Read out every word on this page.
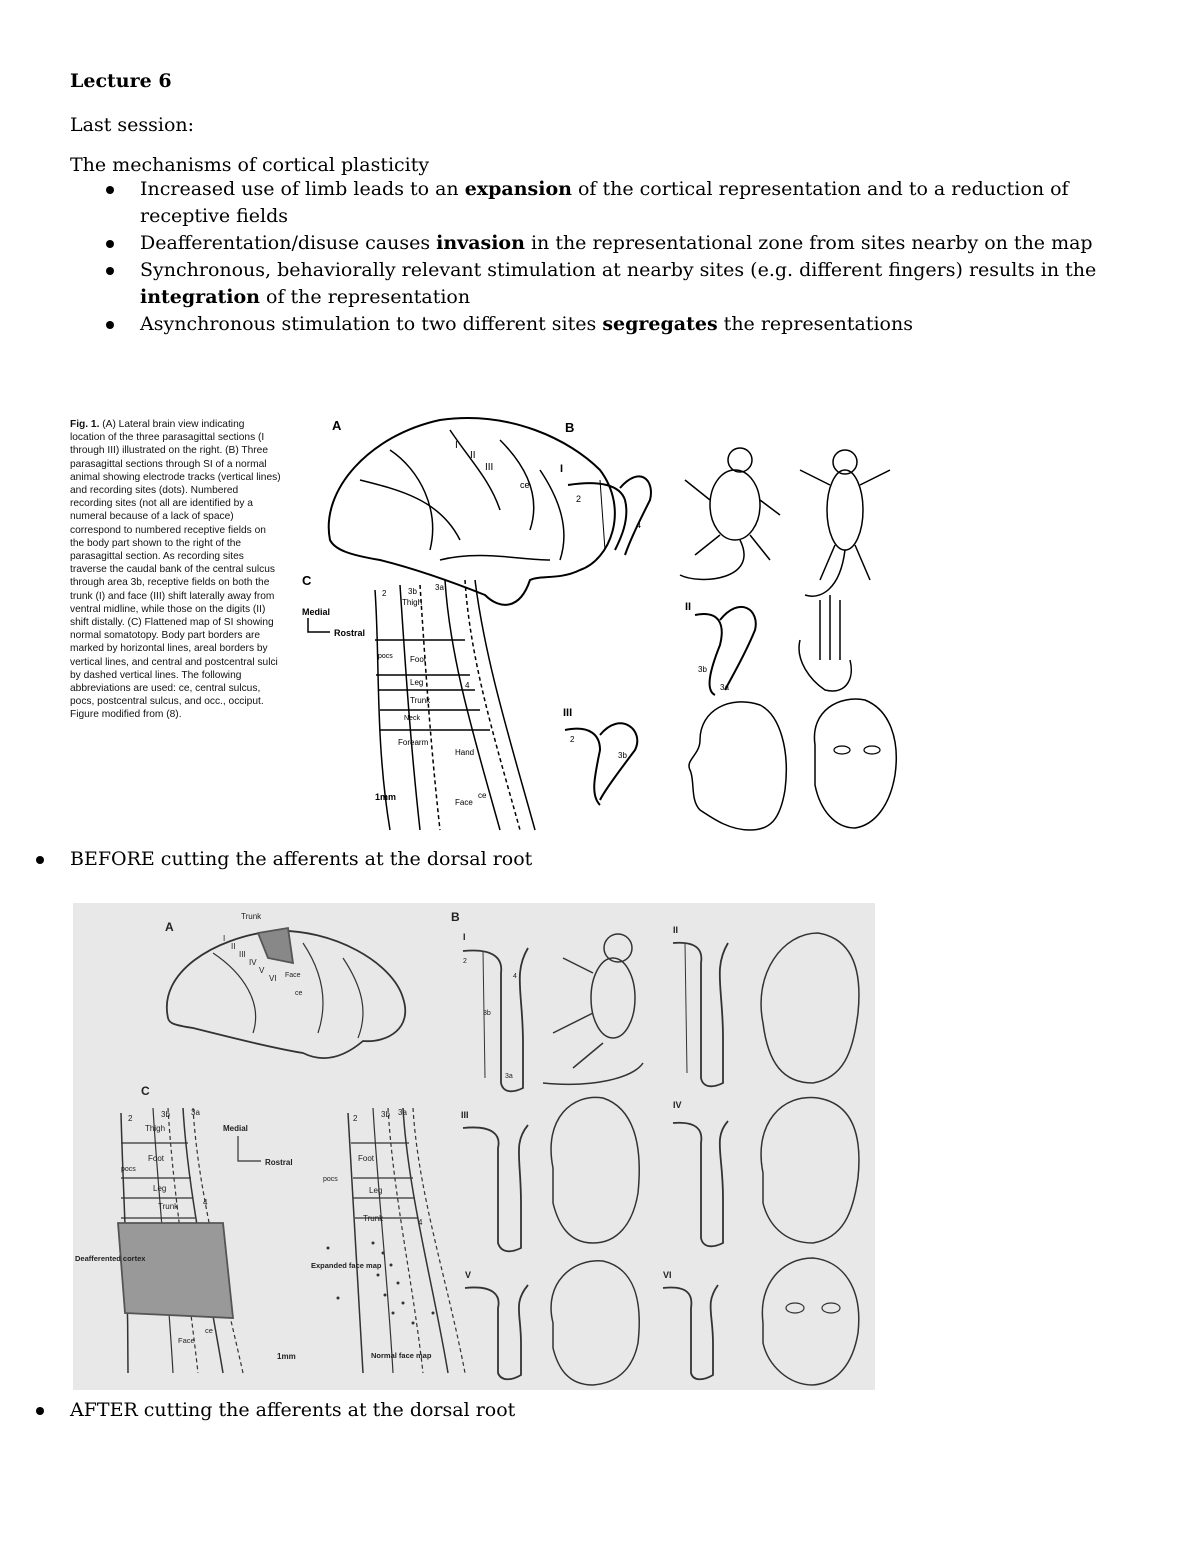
Lecture 6

Last session:

The mechanisms of cortical plasticity

Increased use of limb leads to an expansion of the cortical representation and to a reduction of receptive fields
Deafferentation/disuse causes invasion in the representational zone from sites nearby on the map
Synchronous, behaviorally relevant stimulation at nearby sites (e.g. different fingers) results in the integration of the representation
Asynchronous stimulation to two different sites segregates the representations
Fig. 1. (A) Lateral brain view indicating location of the three parasagittal sections (I through III) illustrated on the right. (B) Three parasagittal sections through SI of a normal animal showing electrode tracks (vertical lines) and recording sites (dots). Numbered recording sites (not all are identified by a numeral because of a lack of space) correspond to numbered receptive fields on the body part shown to the right of the parasagittal section. As recording sites traverse the caudal bank of the central sulcus through area 3b, receptive fields on both the trunk (I) and face (III) shift laterally away from ventral midline, while those on the digits (II) shift distally. (C) Flattened map of SI showing normal somatotopy. Body part borders are marked by horizontal lines, areal borders by vertical lines, and central and postcentral sulci by dashed vertical lines. The following abbreviations are used: ce, central sulcus, pocs, postcentral sulcus, and occ., occiput. Figure modified from (8).
A
I
II
III
ce
C
Medial
Rostral
2	3b 3a
Thigh
Foot
pocs
Leg
Trunk
Neck
Forearm
Hand
4
Face
ce
1mm
B
I
2
4
II
3b
3a
III
2
3b
BEFORE cutting the afferents at the dorsal root
A
Trunk
I
II
III
IV
V
VI Face
ce
C
2	3b	3a
Thigh
Foot
pocs
Leg
Trunk	4
Deafferented cortex
Face
ce
1mm
Medial
Rostral
2	3b 3a
Foot
pocs
Leg
Trunk	4
Expanded face map
Normal face map
B
I
2
3b
3a
4
II
III
IV
V	VI
AFTER cutting the afferents at the dorsal root
